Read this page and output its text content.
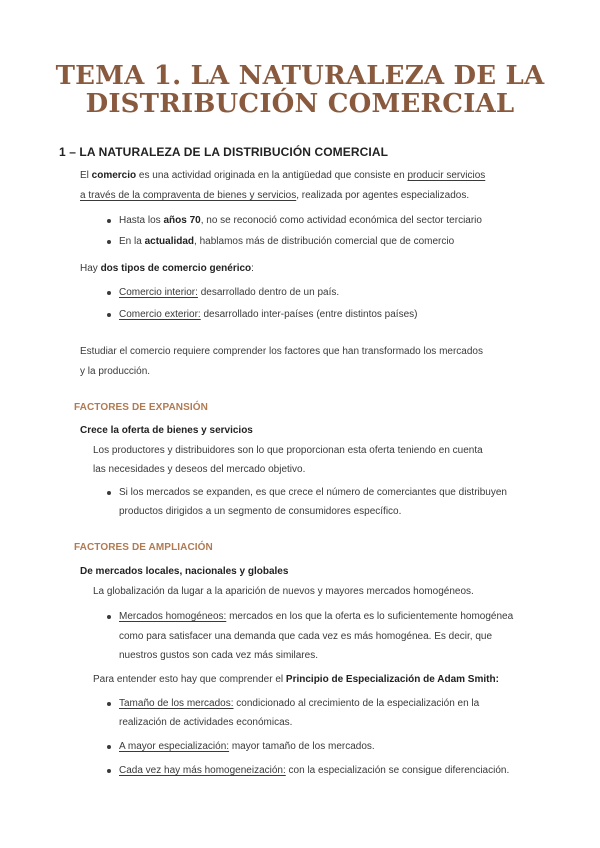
TEMA 1. LA NATURALEZA DE LA
DISTRIBUCIÓN COMERCIAL
1 – LA NATURALEZA DE LA DISTRIBUCIÓN COMERCIAL
El comercio es una actividad originada en la antigüedad que consiste en producir servicios
a través de la compraventa de bienes y servicios, realizada por agentes especializados.
Hasta los años 70, no se reconoció como actividad económica del sector terciario
En la actualidad, hablamos más de distribución comercial que de comercio
Hay dos tipos de comercio genérico:
Comercio interior: desarrollado dentro de un país.
Comercio exterior: desarrollado inter-países (entre distintos países)
Estudiar el comercio requiere comprender los factores que han transformado los mercados
y la producción.
FACTORES DE EXPANSIÓN
Crece la oferta de bienes y servicios
Los productores y distribuidores son lo que proporcionan esta oferta teniendo en cuenta
las necesidades y deseos del mercado objetivo.
Si los mercados se expanden, es que crece el número de comerciantes que distribuyen
productos dirigidos a un segmento de consumidores específico.
FACTORES DE AMPLIACIÓN
De mercados locales, nacionales y globales
La globalización da lugar a la aparición de nuevos y mayores mercados homogéneos.
Mercados homogéneos: mercados en los que la oferta es lo suficientemente homogénea
como para satisfacer una demanda que cada vez es más homogénea. Es decir, que
nuestros gustos son cada vez más similares.
Para entender esto hay que comprender el Principio de Especialización de Adam Smith:
Tamaño de los mercados: condicionado al crecimiento de la especialización en la
realización de actividades económicas.
A mayor especialización: mayor tamaño de los mercados.
Cada vez hay más homogeneización: con la especialización se consigue diferenciación.
